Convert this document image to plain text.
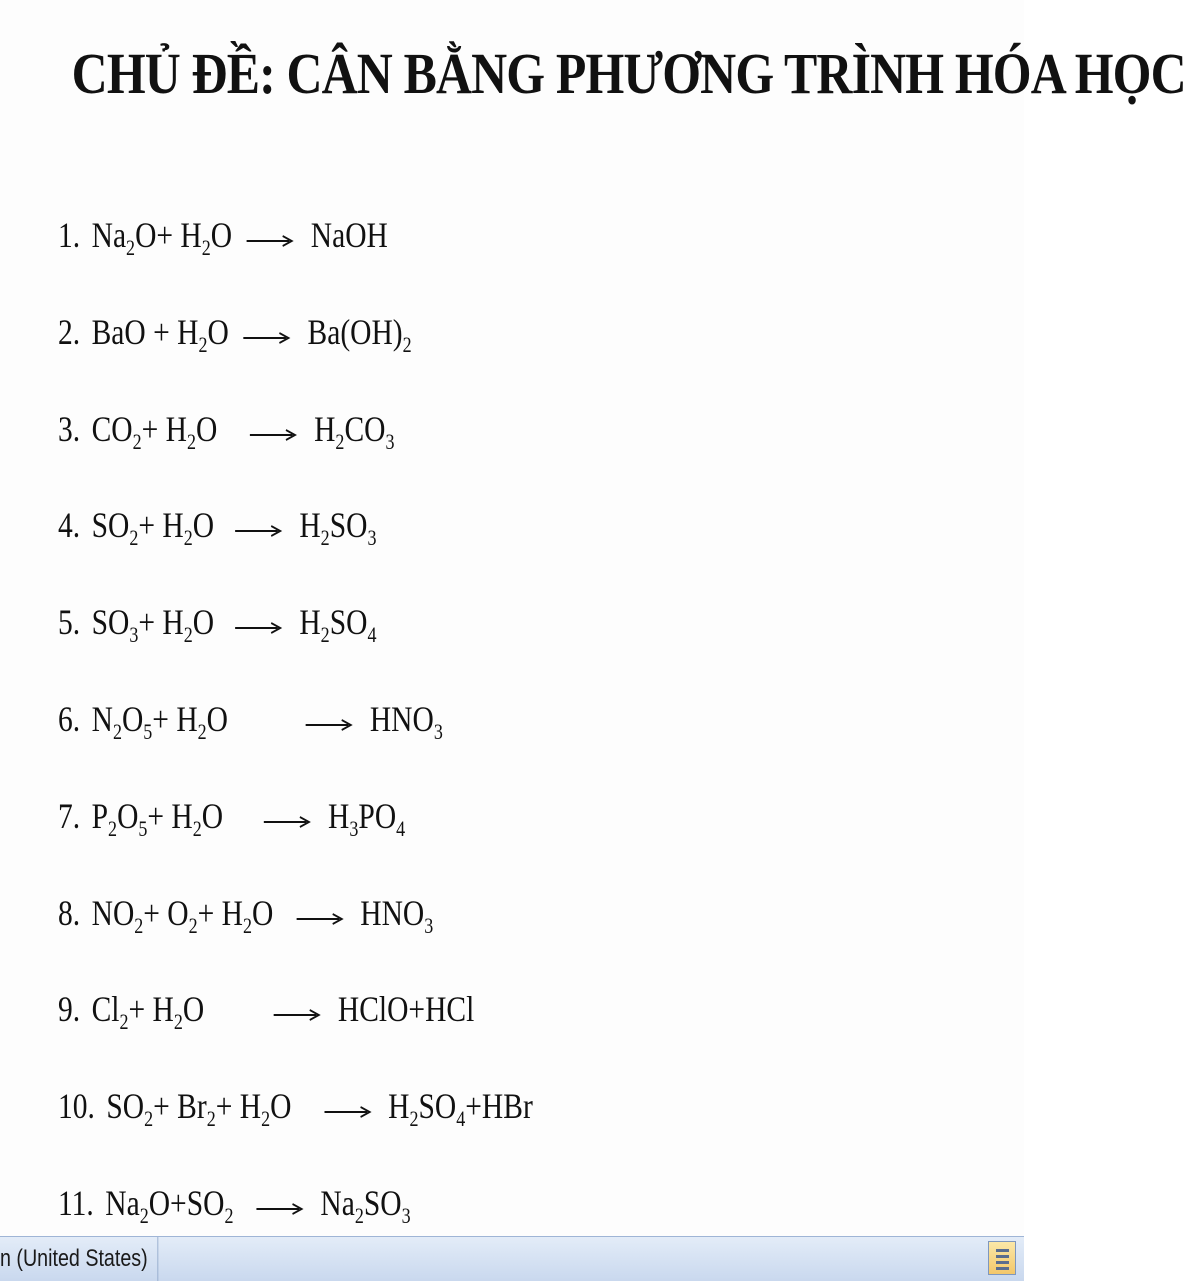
CHỦ ĐỀ: CÂN BẰNG PHƯƠNG TRÌNH HÓA HỌC
1. $Na_2O+ H_2O$ → NaOH
2. BaO + $H_2O \to Ba(OH)_2$
3. $CO_2+ H_2O \to H_2CO_3$
4. $SO_2+ H_2O \to H_2SO_3$
5. $SO_3+ H_2O \to H_2SO_4$
6. $N_2O_5+ H_2O \to HNO_3$
7. $P_2O_5+ H_2O \to H_3PO_4$
8. $NO_2+ O_2+ H_2O \to HNO_3$
9. $Cl_2+ H_2O$ → HClO+HCl
10. $SO_2+ Br_2+ H_2O \to H_2SO_4+HBr$
11. $Na_2O+SO_2 \to Na_2SO_3$
n (United States)
